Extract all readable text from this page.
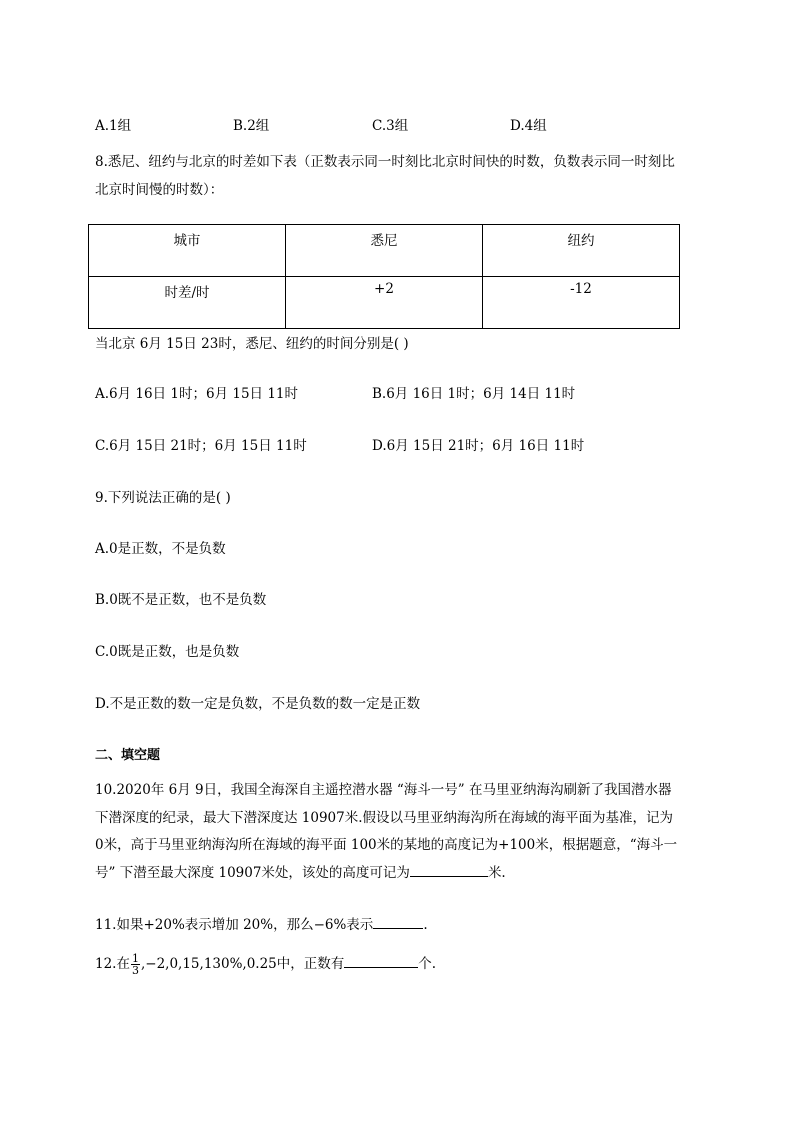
A.1组	B.2组	C.3组	D.4组
8.悉尼、纽约与北京的时差如下表（正数表示同一时刻比北京时间快的时数，负数表示同一时刻比
北京时间慢的时数）：
城市	悉尼	纽约
时差/时	+2	-12
当北京 6月 15日 23时，悉尼、纽约的时间分别是( )
A.6月 16日 1时；6月 15日 11时	B.6月 16日 1时；6月 14日 11时
C.6月 15日 21时；6月 15日 11时	D.6月 15日 21时；6月 16日 11时
9.下列说法正确的是( )
A.0是正数，不是负数
B.0既不是正数，也不是负数
C.0既是正数，也是负数
D.不是正数的数一定是负数，不是负数的数一定是正数
二、填空题
10.2020年 6月 9日，我国全海深自主遥控潜水器 “海斗一号” 在马里亚纳海沟刷新了我国潜水器
下潜深度的纪录，最大下潜深度达 10907米.假设以马里亚纳海沟所在海域的海平面为基准，记为
0米，高于马里亚纳海沟所在海域的海平面 100米的某地的高度记为+100米，根据题意，“海斗一
号” 下潜至最大深度 10907米处，该处的高度可记为	米.
11.如果+20%表示增加 20%，那么−6%表示	.
12.在 $\frac{1}{3} ,-2,0,15,130\%,0.25$中，正数有	个.
